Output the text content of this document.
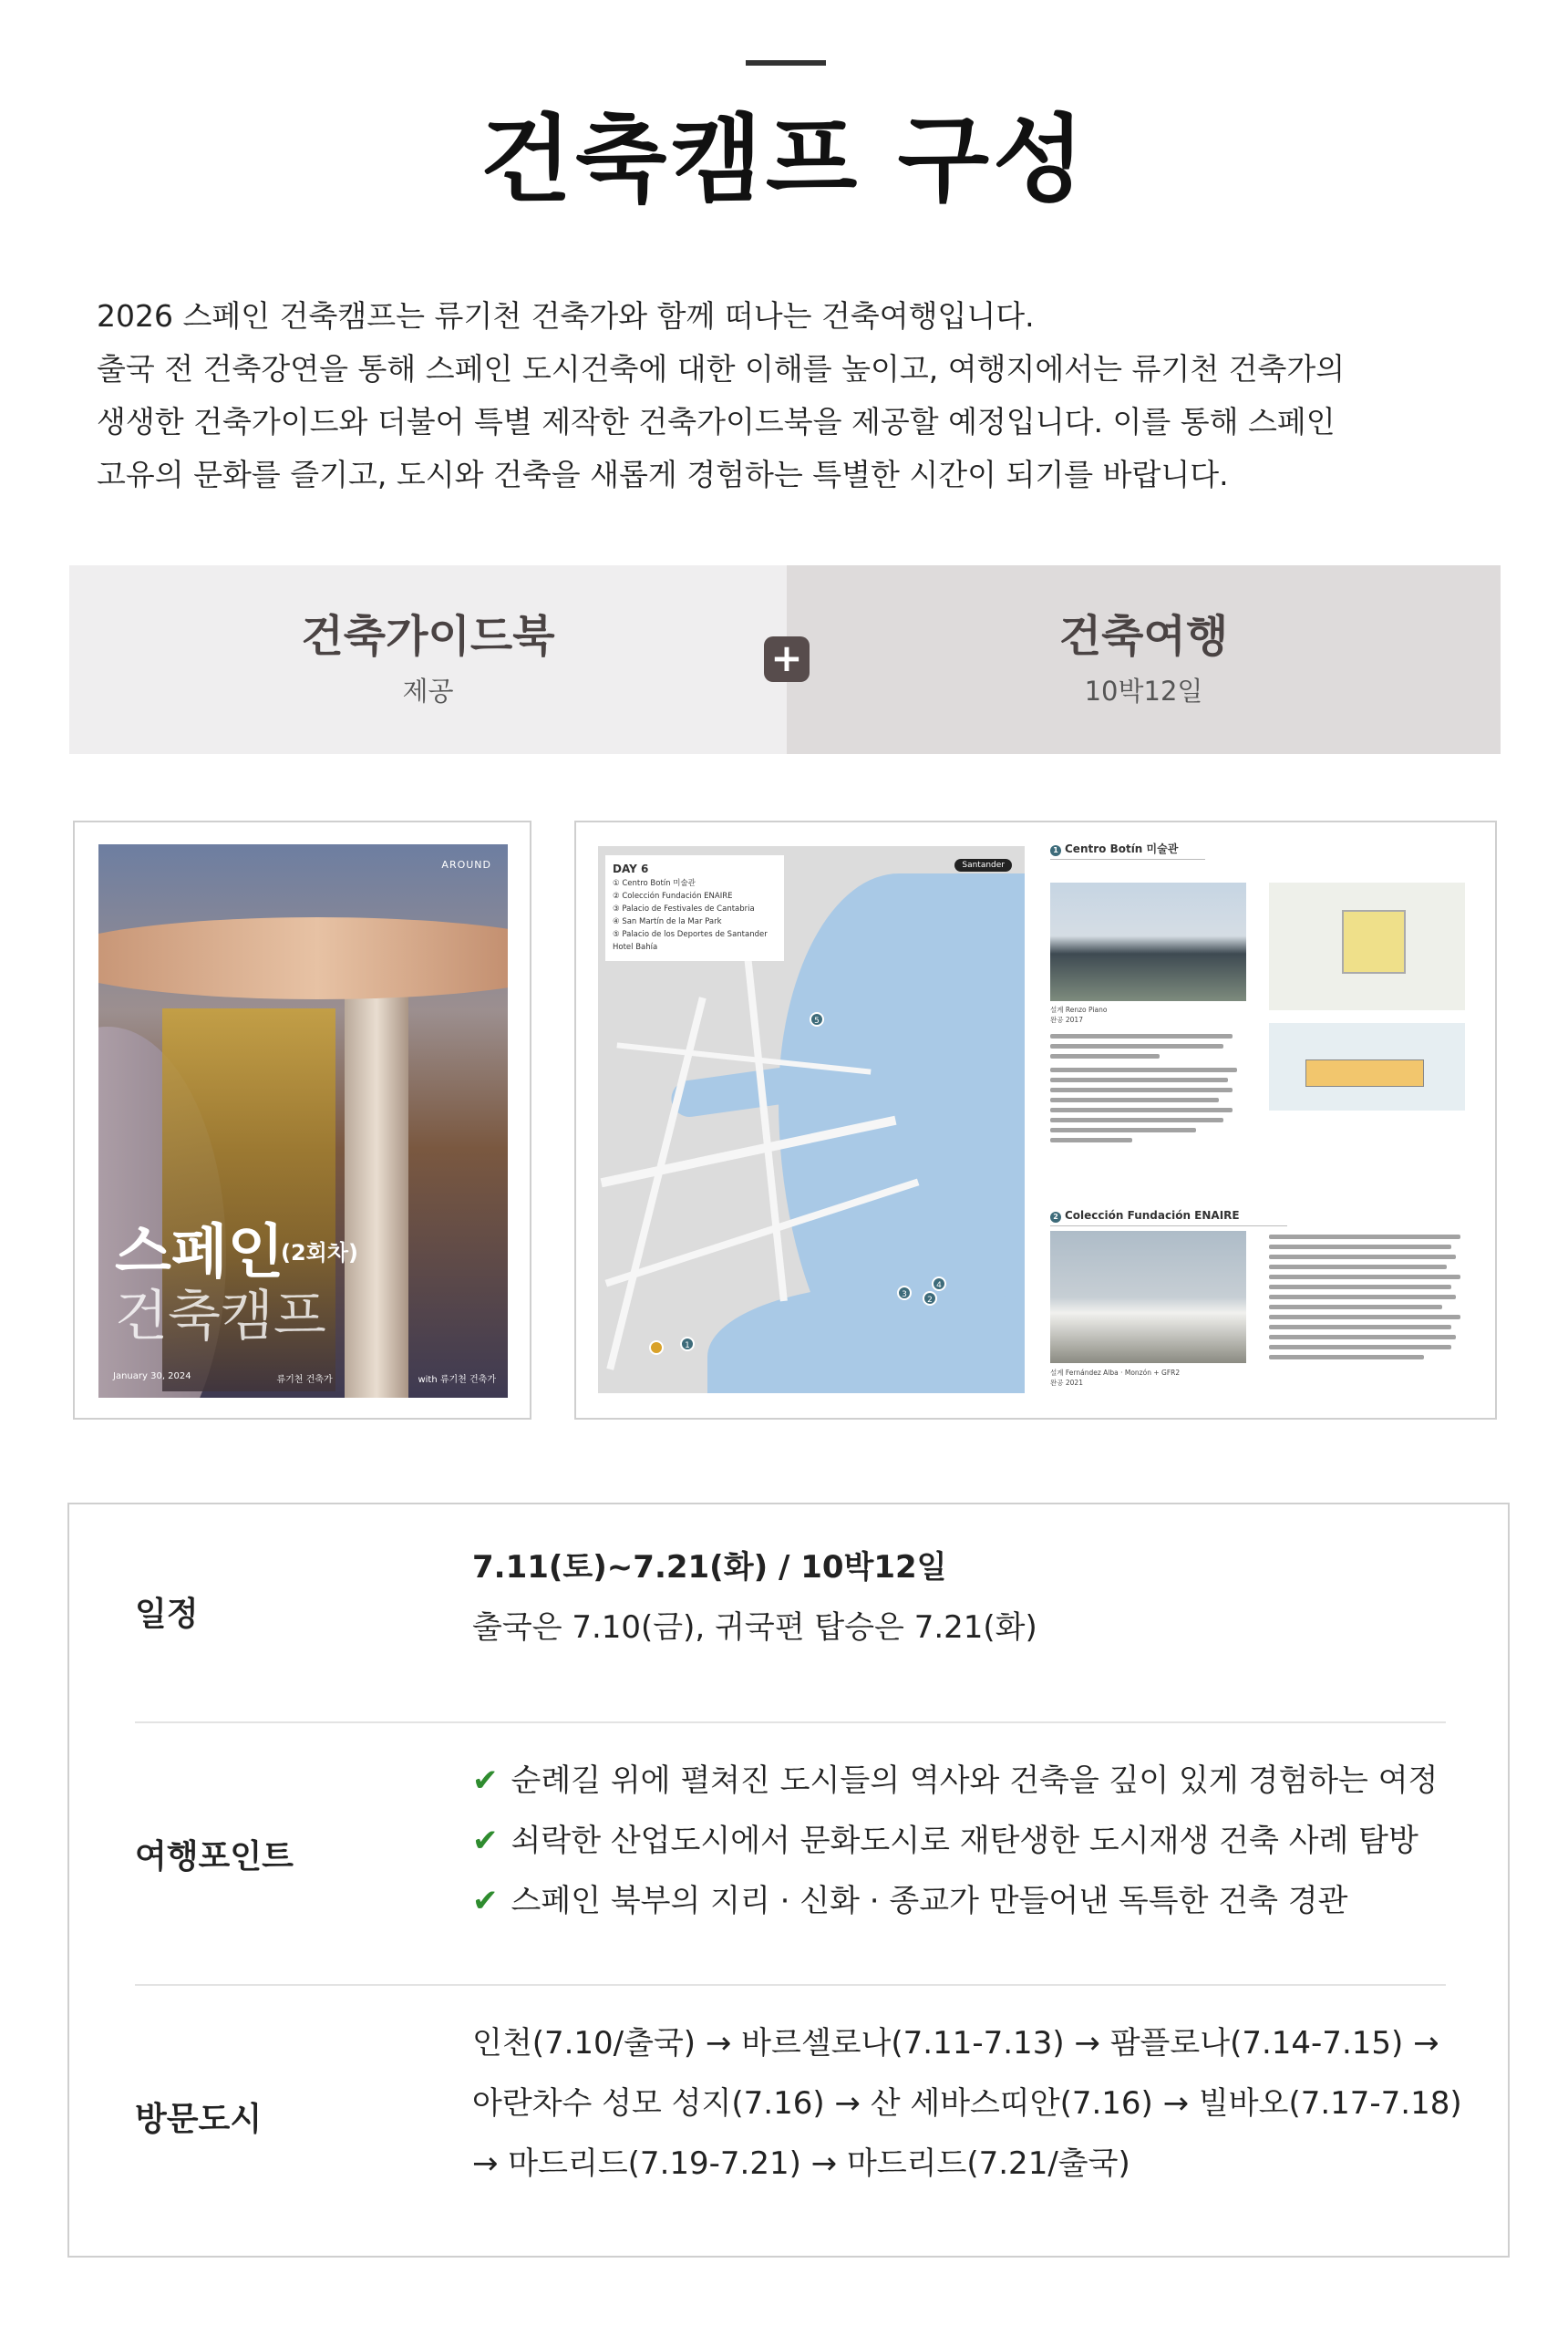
건축캠프 구성

2026 스페인 건축캠프는 류기천 건축가와 함께 떠나는 건축여행입니다.

출국 전 건축강연을 통해 스페인 도시건축에 대한 이해를 높이고, 여행지에서는 류기천 건축가의

생생한 건축가이드와 더불어 특별 제작한 건축가이드북을 제공할 예정입니다. 이를 통해 스페인

고유의 문화를 즐기고, 도시와 건축을 새롭게 경험하는 특별한 시간이 되기를 바랍니다.

건축가이드북
제공
건축여행
10박12일
+
AROUND
스페인
(2회차)
건축캠프
January 30, 2024	류기천 건축가	with 류기천 건축가
DAY 6
① Centro Botín 미술관
② Colección Fundación ENAIRE
③ Palacio de Festivales de Cantabria
④ San Martín de la Mar Park
⑤ Palacio de los Deportes de Santander
Hotel Bahía
Santander
5
4
2
3
1
1 Centro Botín 미술관
설계 Renzo Piano
완공 2017
2 Colección Fundación ENAIRE
설계 Fernández Alba · Monzón + GFR2
완공 2021
일정
7.11(토)~7.21(화) / 10박12일
출국은 7.10(금), 귀국편 탑승은 7.21(화)
여행포인트
✔ 순례길 위에 펼쳐진 도시들의 역사와 건축을 깊이 있게 경험하는 여정
✔ 쇠락한 산업도시에서 문화도시로 재탄생한 도시재생 건축 사례 탐방
✔ 스페인 북부의 지리 · 신화 · 종교가 만들어낸 독특한 건축 경관
방문도시
인천(7.10/출국) → 바르셀로나(7.11-7.13) → 팜플로나(7.14-7.15) →
아란차수 성모 성지(7.16) → 산 세바스띠안(7.16) → 빌바오(7.17-7.18)
→ 마드리드(7.19-7.21) → 마드리드(7.21/출국)
